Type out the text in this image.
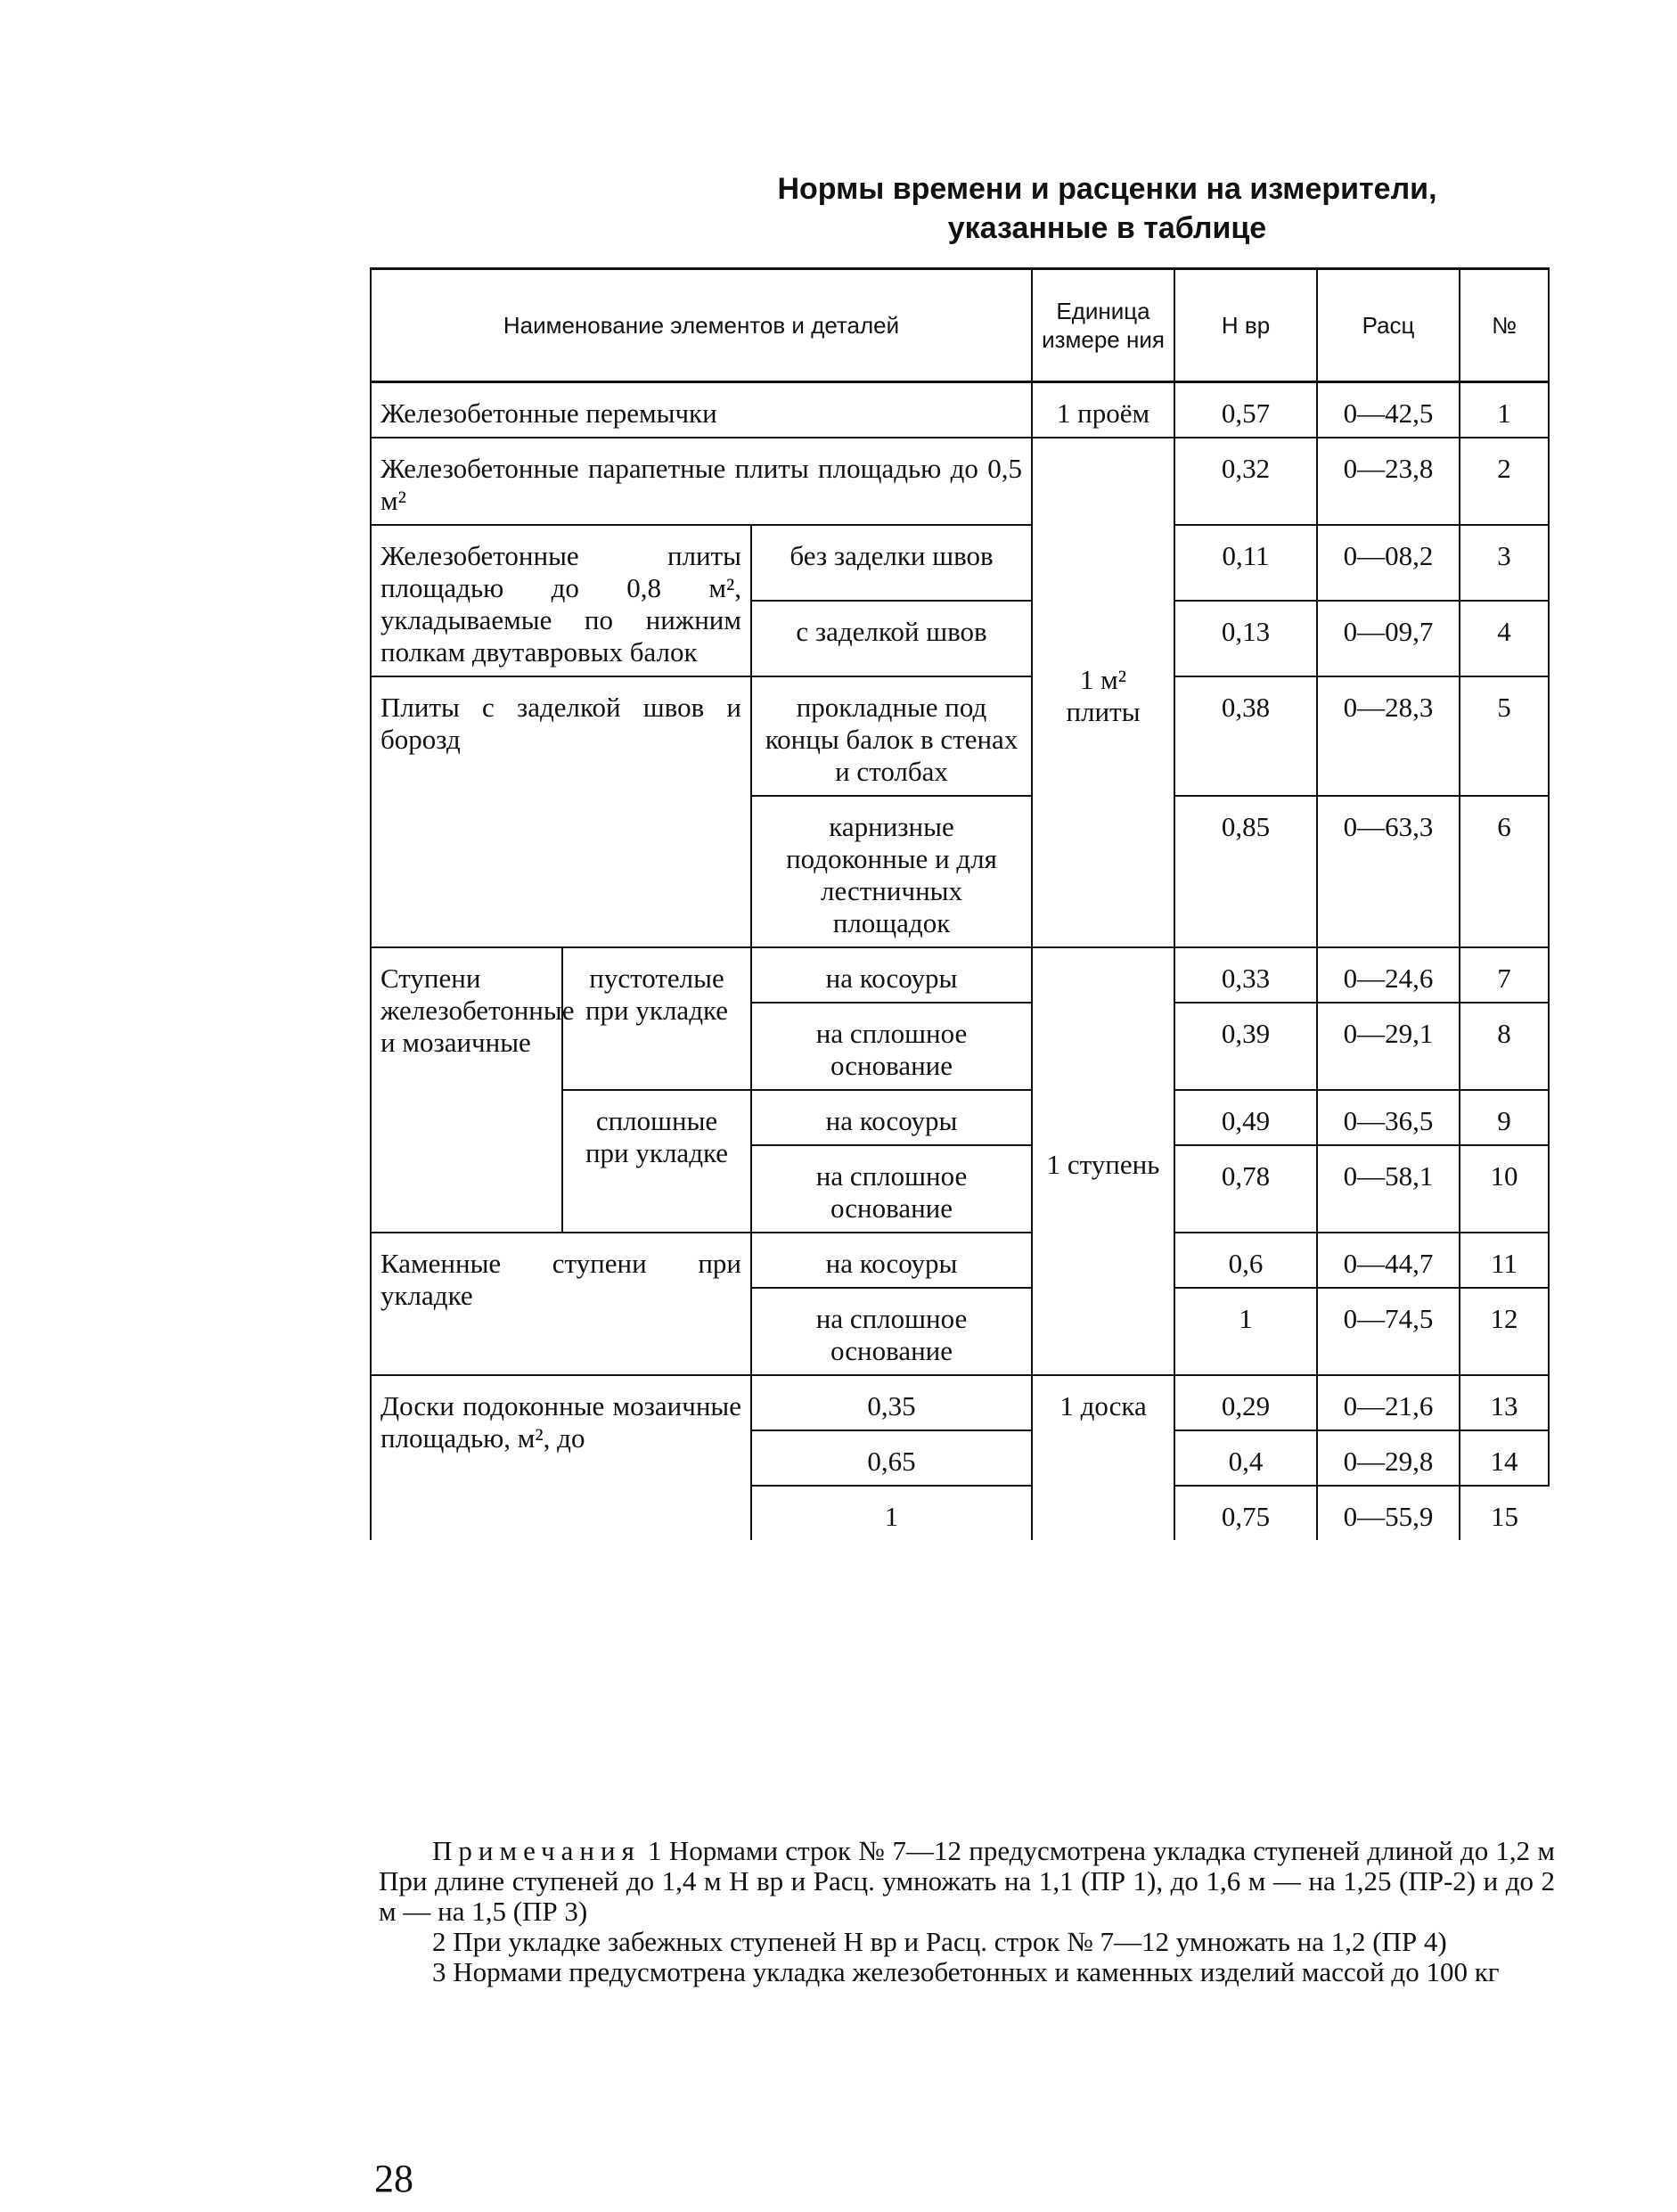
Нормы времени и расценки на измерители,
указанные в таблице
Наименование элементов и деталей			Единица измере ния	Н вр	Расц	№
Железобетонные перемычки			1 проём	0,57	0—42,5	1
Железобетонные парапетные плиты площадью до 0,5 м²			1 м² плиты	0,32	0—23,8	2
Железобетонные плиты площадью до 0,8 м², укладываемые по нижним полкам двутавровых балок		без заделки швов		0,11	0—08,2	3
		с заделкой швов		0,13	0—09,7	4
Плиты с заделкой швов и борозд		прокладные под концы балок в стенах и столбах		0,38	0—28,3	5
		карнизные подоконные и для лестничных площадок		0,85	0—63,3	6
Ступени железобетонные и мозаичные	пустотелые при укладке	на косоуры	1 ступень	0,33	0—24,6	7
		на сплошное основание		0,39	0—29,1	8
	сплошные при укладке	на косоуры		0,49	0—36,5	9
		на сплошное основание		0,78	0—58,1	10
Каменные ступени при укладке		на косоуры		0,6	0—44,7	11
		на сплошное основание		1	0—74,5	12
Доски подоконные мозаичные площадью, м², до		0,35	1 доска	0,29	0—21,6	13
		0,65		0,4	0—29,8	14
		1		0,75	0—55,9	15

Примечания 1 Нормами строк № 7—12 предусмотрена укладка ступеней длиной до 1,2 м При длине ступеней до 1,4 м Н вр и Расц. умножать на 1,1 (ПР 1), до 1,6 м — на 1,25 (ПР-2) и до 2 м — на 1,5 (ПР 3)

2 При укладке забежных ступеней Н вр и Расц. строк № 7—12 умножать на 1,2 (ПР 4)

3 Нормами предусмотрена укладка железобетонных и каменных изделий массой до 100 кг

28
